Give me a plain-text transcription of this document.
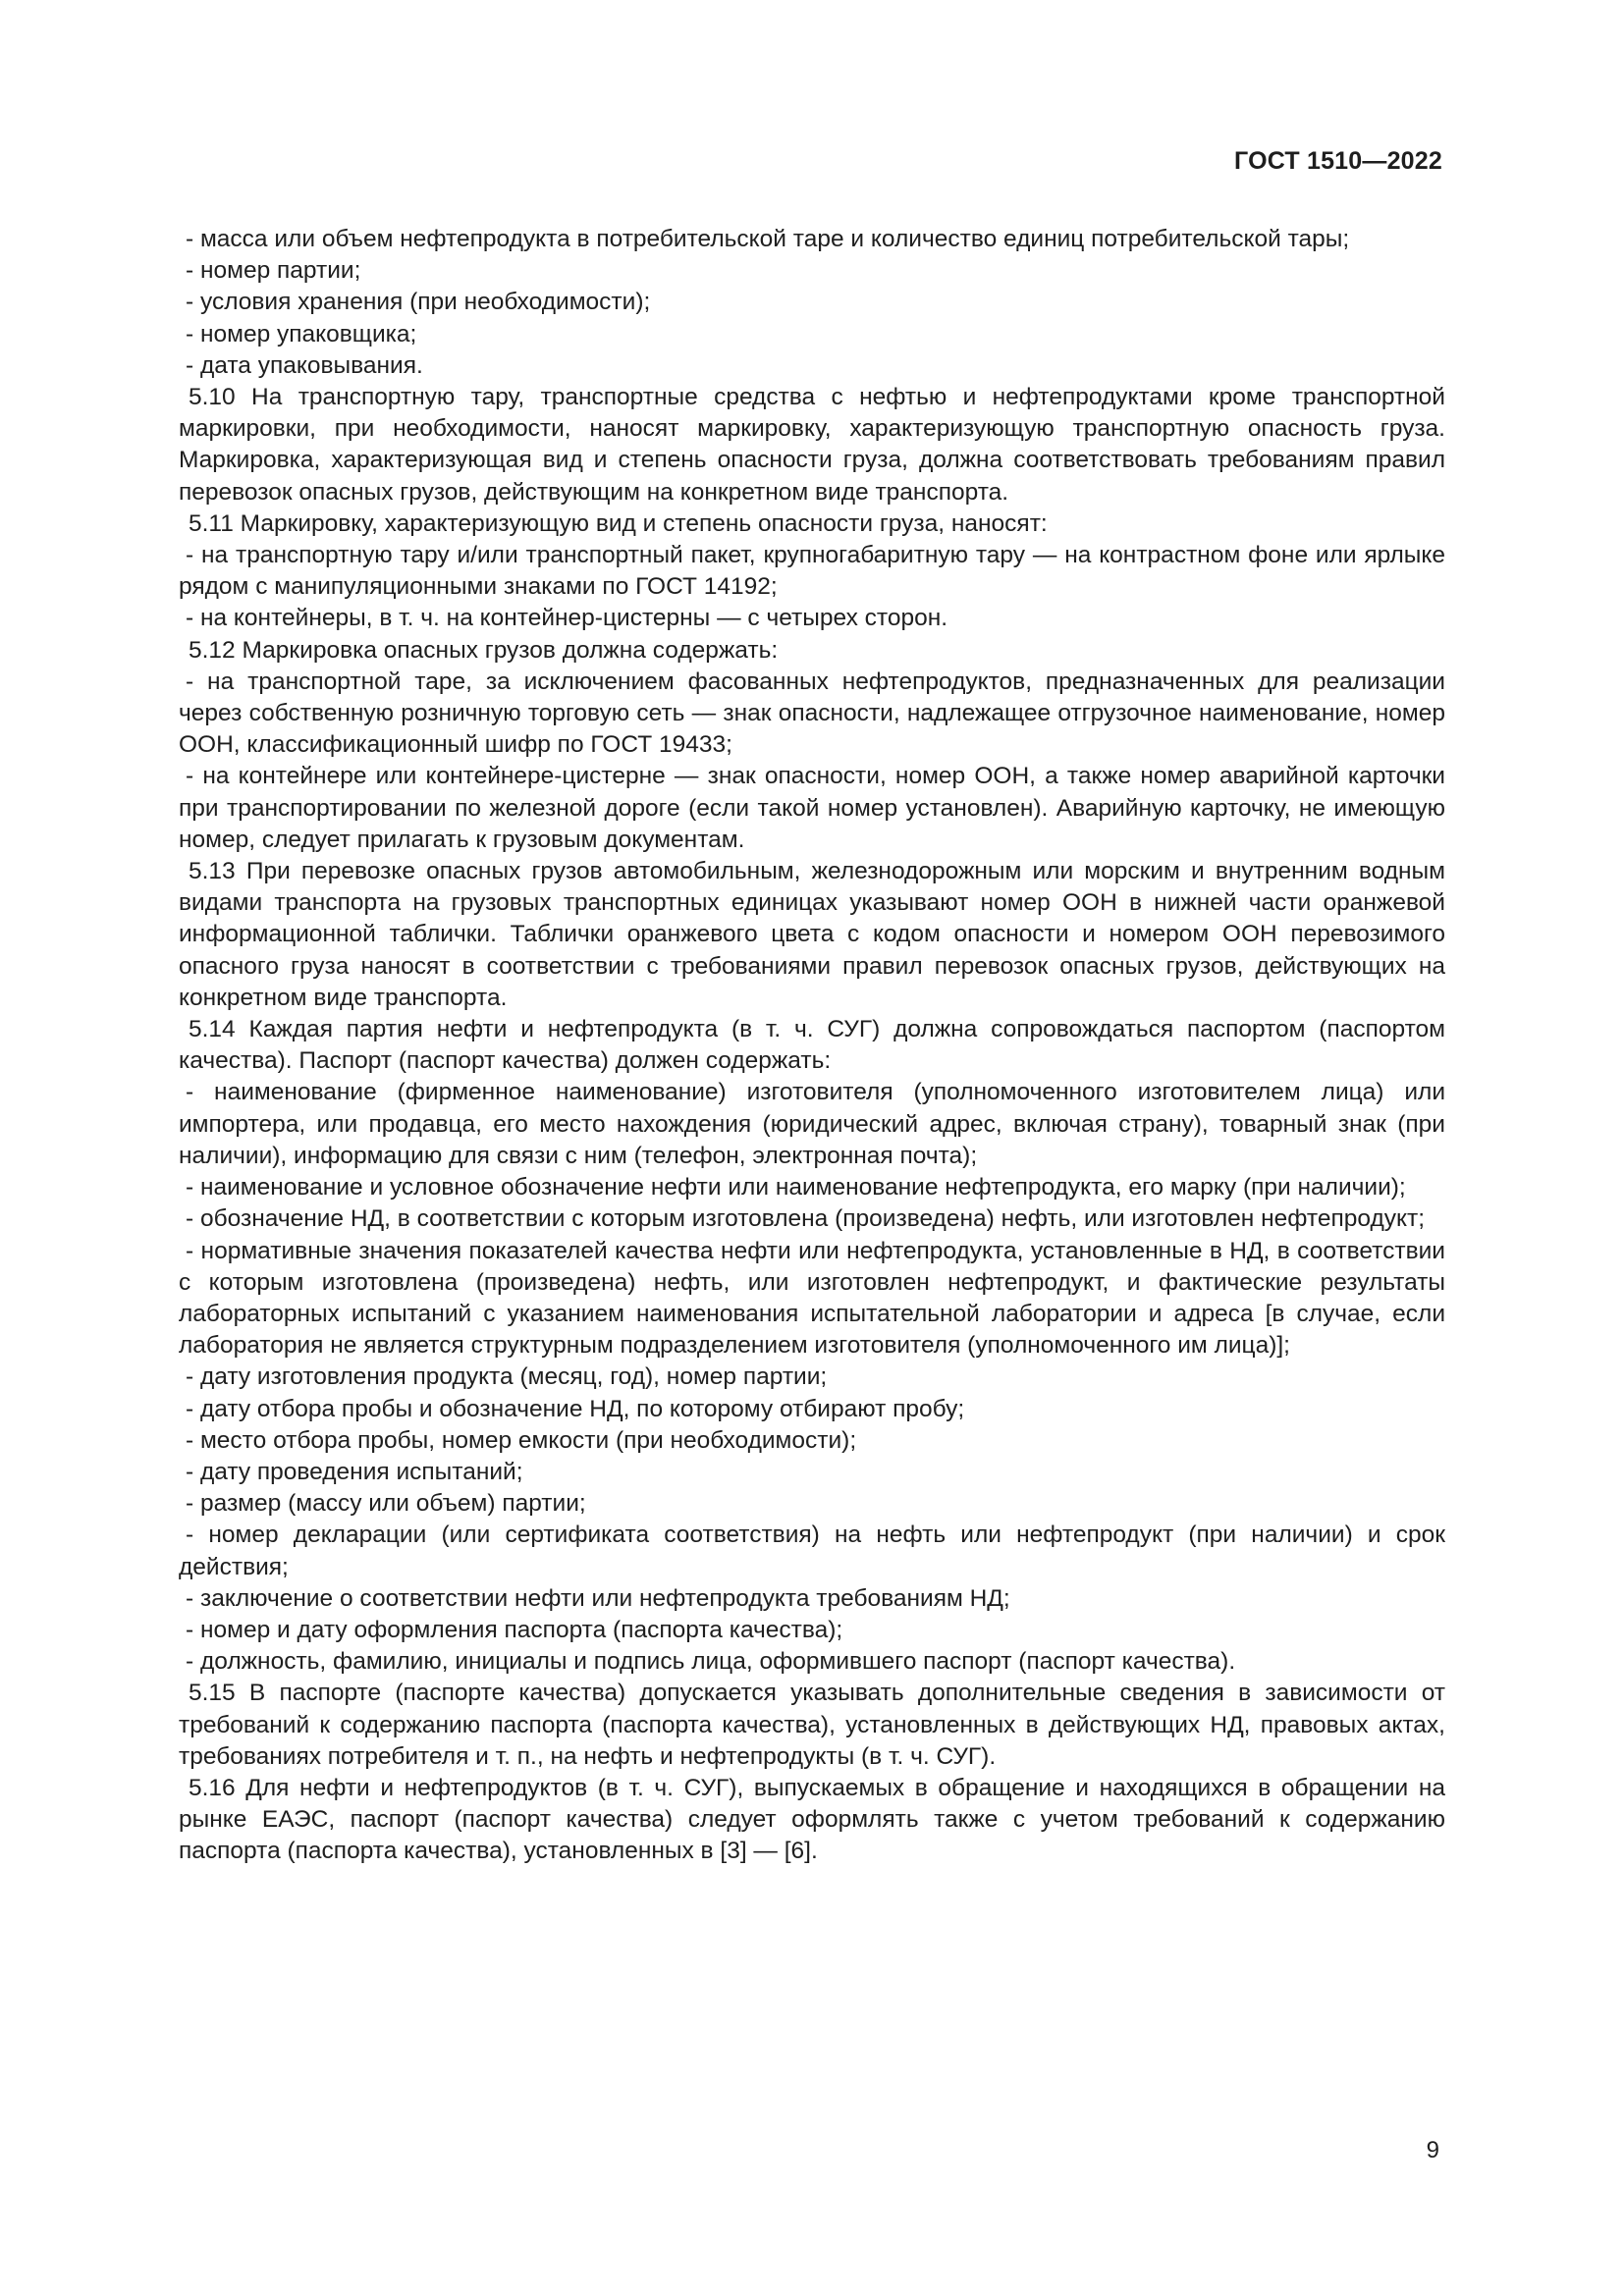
ГОСТ 1510—2022

- масса или объем нефтепродукта в потребительской таре и количество единиц потребительской тары;

- номер партии;

- условия хранения (при необходимости);

- номер упаковщика;

- дата упаковывания.

5.10 На транспортную тару, транспортные средства с нефтью и нефтепродуктами кроме транспортной маркировки, при необходимости, наносят маркировку, характеризующую транспортную опасность груза. Маркировка, характеризующая вид и степень опасности груза, должна соответствовать требованиям правил перевозок опасных грузов, действующим на конкретном виде транспорта.

5.11 Маркировку, характеризующую вид и степень опасности груза, наносят:

- на транспортную тару и/или транспортный пакет, крупногабаритную тару — на контрастном фоне или ярлыке рядом с манипуляционными знаками по ГОСТ 14192;

- на контейнеры, в т. ч. на контейнер-цистерны — с четырех сторон.

5.12 Маркировка опасных грузов должна содержать:

- на транспортной таре, за исключением фасованных нефтепродуктов, предназначенных для реализации через собственную розничную торговую сеть — знак опасности, надлежащее отгрузочное наименование, номер ООН, классификационный шифр по ГОСТ 19433;

- на контейнере или контейнере-цистерне — знак опасности, номер ООН, а также номер аварийной карточки при транспортировании по железной дороге (если такой номер установлен). Аварийную карточку, не имеющую номер, следует прилагать к грузовым документам.

5.13 При перевозке опасных грузов автомобильным, железнодорожным или морским и внутренним водным видами транспорта на грузовых транспортных единицах указывают номер ООН в нижней части оранжевой информационной таблички. Таблички оранжевого цвета с кодом опасности и номером ООН перевозимого опасного груза наносят в соответствии с требованиями правил перевозок опасных грузов, действующих на конкретном виде транспорта.

5.14 Каждая партия нефти и нефтепродукта (в т. ч. СУГ) должна сопровождаться паспортом (паспортом качества). Паспорт (паспорт качества) должен содержать:

- наименование (фирменное наименование) изготовителя (уполномоченного изготовителем лица) или импортера, или продавца, его место нахождения (юридический адрес, включая страну), товарный знак (при наличии), информацию для связи с ним (телефон, электронная почта);

- наименование и условное обозначение нефти или наименование нефтепродукта, его марку (при наличии);

- обозначение НД, в соответствии с которым изготовлена (произведена) нефть, или изготовлен нефтепродукт;

- нормативные значения показателей качества нефти или нефтепродукта, установленные в НД, в соответствии с которым изготовлена (произведена) нефть, или изготовлен нефтепродукт, и фактические результаты лабораторных испытаний с указанием наименования испытательной лаборатории и адреса [в случае, если лаборатория не является структурным подразделением изготовителя (уполномоченного им лица)];

- дату изготовления продукта (месяц, год), номер партии;

- дату отбора пробы и обозначение НД, по которому отбирают пробу;

- место отбора пробы, номер емкости (при необходимости);

- дату проведения испытаний;

- размер (массу или объем) партии;

- номер декларации (или сертификата соответствия) на нефть или нефтепродукт (при наличии) и срок действия;

- заключение о соответствии нефти или нефтепродукта требованиям НД;

- номер и дату оформления паспорта (паспорта качества);

- должность, фамилию, инициалы и подпись лица, оформившего паспорт (паспорт качества).

5.15 В паспорте (паспорте качества) допускается указывать дополнительные сведения в зависимости от требований к содержанию паспорта (паспорта качества), установленных в действующих НД, правовых актах, требованиях потребителя и т. п., на нефть и нефтепродукты (в т. ч. СУГ).

5.16 Для нефти и нефтепродуктов (в т. ч. СУГ), выпускаемых в обращение и находящихся в обращении на рынке ЕАЭС, паспорт (паспорт качества) следует оформлять также с учетом требований к содержанию паспорта (паспорта качества), установленных в [3] — [6].

9
